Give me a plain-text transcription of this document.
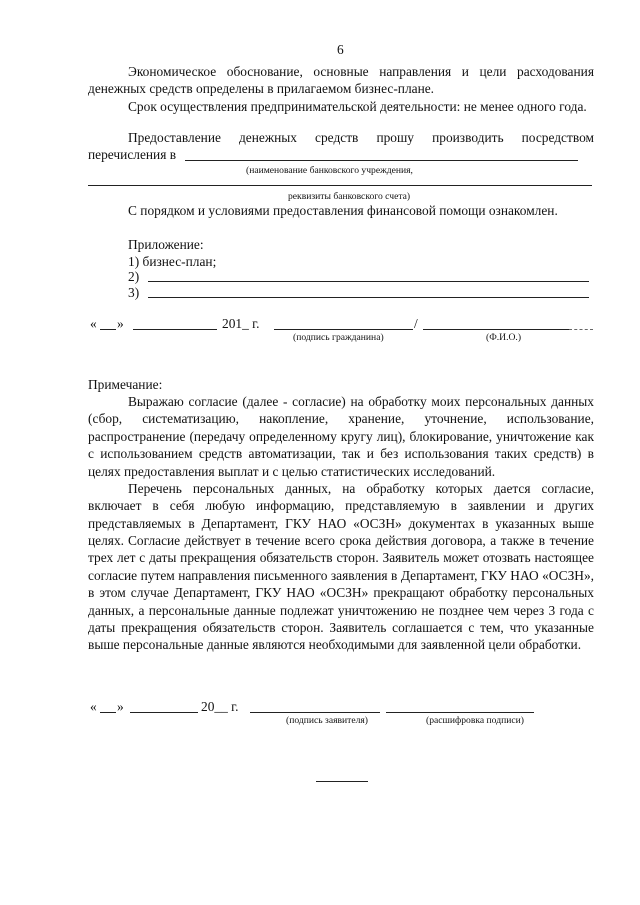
6
Экономическое обоснование, основные направления и цели расходования денежных средств определены в прилагаемом бизнес-плане.
Срок осуществления предпринимательской деятельности: не менее одного года.
Предоставление денежных средств прошу производить посредством
перечисления в
(наименование банковского учреждения,
реквизиты банковского счета)
С порядком и условиями предоставления финансовой помощи ознакомлен.
Приложение:
1) бизнес-план;
2)
3)
« »	201_ г.	/
(подпись гражданина)	(Ф.И.О.)
Примечание:
Выражаю согласие (далее - согласие) на обработку моих персональных данных (сбор, систематизацию, накопление, хранение, уточнение, использование, распространение (передачу определенному кругу лиц), блокирование, уничтожение как с использованием средств автоматизации, так и без использования таких средств) в целях предоставления выплат и с целью статистических исследований.
Перечень персональных данных, на обработку которых дается согласие, включает в себя любую информацию, представляемую в заявлении и других представляемых в Департамент, ГКУ НАО «ОСЗН» документах в указанных выше целях. Согласие действует в течение всего срока действия договора, а также в течение трех лет с даты прекращения обязательств сторон. Заявитель может отозвать настоящее согласие путем направления письменного заявления в Департамент, ГКУ НАО «ОСЗН», в этом случае Департамент, ГКУ НАО «ОСЗН» прекращают обработку персональных данных, а персональные данные подлежат уничтожению не позднее чем через 3 года с даты прекращения обязательств сторон. Заявитель соглашается с тем, что указанные выше персональные данные являются необходимыми для заявленной цели обработки.
« »	20__ г.
(подпись заявителя)	(расшифровка подписи)
